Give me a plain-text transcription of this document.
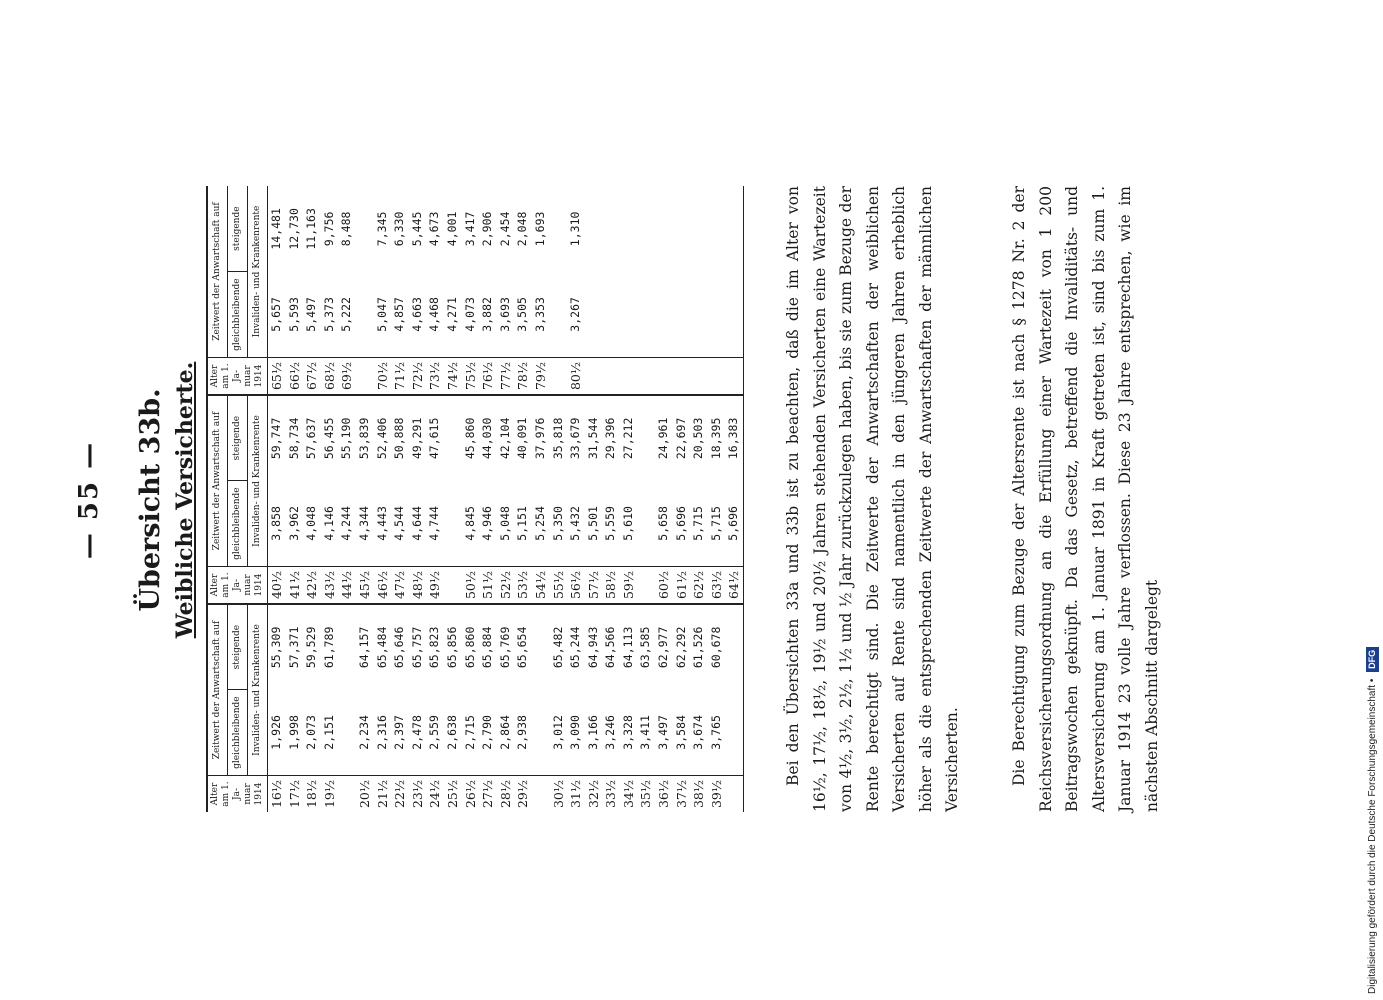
— 55 — Übersicht 33b. Weibliche Versicherte.
Alter am 1. Ja- nuar 1914	Zeitwert der Anwartschaft auf		Alter am 1. Ja- nuar 1914	Zeitwert der Anwartschaft auf		Alter am 1. Ja- nuar 1914	Zeitwert der Anwartschaft auf	
	gleichbleibende	steigende		gleichbleibende	steigende		gleichbleibende	steigende
	Invaliden- und Krankenrente			Invaliden- und Krankenrente			Invaliden- und Krankenrente	
16½	1,926	55,309	40½	3,858	59,747	65½	5,657	14,481
17½	1,998	57,371	41½	3,962	58,734	66½	5,593	12,730
18½	2,073	59,529	42½	4,048	57,637	67½	5,497	11,163
19½	2,151	61,789	43½	4,146	56,455	68½	5,373	9,756
			44½	4,244	55,190	69½	5,222	8,488
20½	2,234	64,157	45½	4,344	53,839			
21½	2,316	65,484	46½	4,443	52,406	70½	5,047	7,345
22½	2,397	65,646	47½	4,544	50,888	71½	4,857	6,330
23½	2,478	65,757	48½	4,644	49,291	72½	4,663	5,445
24½	2,559	65,823	49½	4,744	47,615	73½	4,468	4,673
25½	2,638	65,856				74½	4,271	4,001
26½	2,715	65,860	50½	4,845	45,860	75½	4,073	3,417
27½	2,790	65,884	51½	4,946	44,030	76½	3,882	2,906
28½	2,864	65,769	52½	5,048	42,104	77½	3,693	2,454
29½	2,938	65,654	53½	5,151	40,091	78½	3,505	2,048
			54½	5,254	37,976	79½	3,353	1,693
30½	3,012	65,482	55½	5,350	35,818			
31½	3,090	65,244	56½	5,432	33,679	80½	3,267	1,310
32½	3,166	64,943	57½	5,501	31,544			
33½	3,246	64,566	58½	5,559	29,396			
34½	3,328	64,113	59½	5,610	27,212			
35½	3,411	63,585						
36½	3,497	62,977	60½	5,658	24,961			
37½	3,584	62,292	61½	5,696	22,697			
38½	3,674	61,526	62½	5,715	20,503			
39½	3,765	60,678	63½	5,715	18,395			
			64½	5,696	16,383				Bei den Übersichten 33a und 33b ist zu beachten, daß die im Alter von 16½, 17½, 18½, 19½ und 20½ Jahren stehenden Versicherten eine Wartezeit von 4½, 3½, 2½, 1½ und ½ Jahr zurückzulegen haben, bis sie zum Bezuge der Rente berechtigt sind. Die Zeitwerte der Anwartschaften der weiblichen Versicherten auf Rente sind namentlich in den jüngeren Jahren erheblich höher als die entsprechenden Zeitwerte der Anwartschaften der männlichen Versicherten.	Die Berechtigung zum Bezuge der Altersrente ist nach § 1278 Nr. 2 der Reichsversicherungsordnung an die Erfüllung einer Wartezeit von 1 200 Beitragswochen geknüpft. Da das Gesetz, betreffend die Invaliditäts- und Altersversicherung am 1. Januar 1891 in Kraft getreten ist, sind bis zum 1. Januar 1914 23 volle Jahre verflossen. Diese 23 Jahre entsprechen, wie im nächsten Abschnitt dargelegt	Digitalisierung gefördert durch die Deutsche Forschungsgemeinschaft • DFG
